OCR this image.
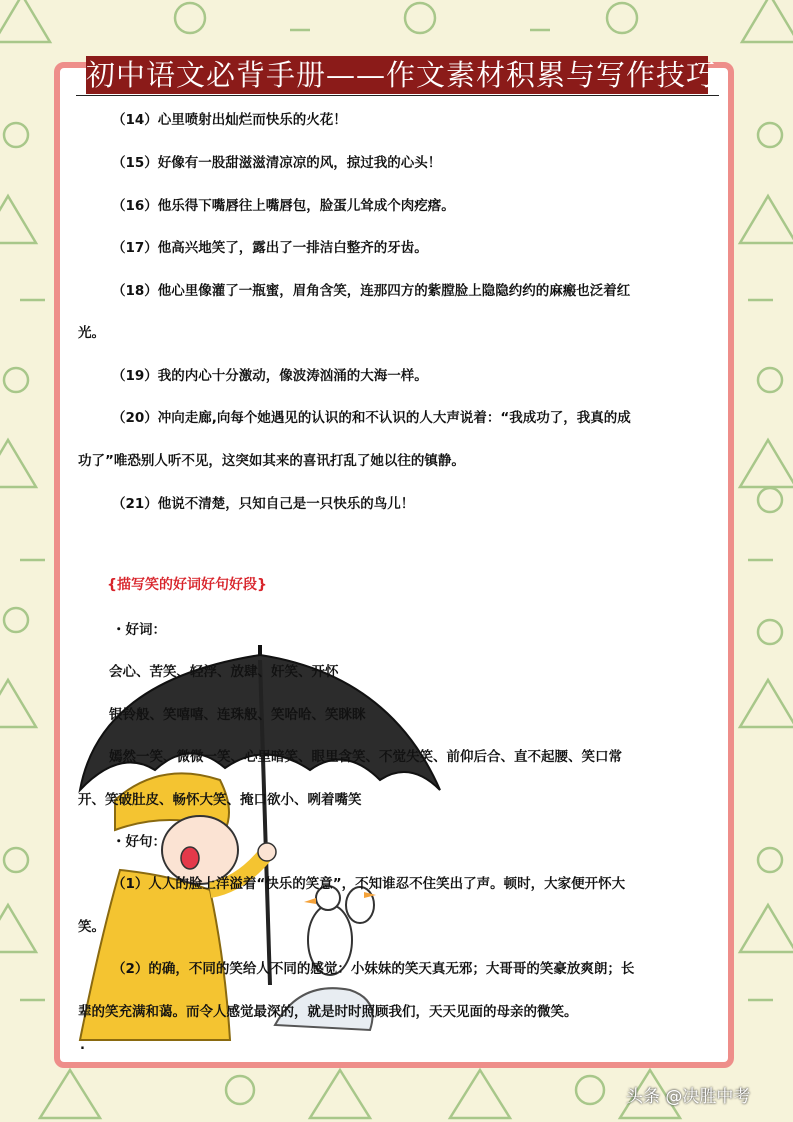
初中语文必背手册——作文素材积累与写作技巧
（14）心里喷射出灿烂而快乐的火花！
（15）好像有一股甜滋滋清凉凉的风，掠过我的心头！
（16）他乐得下嘴唇往上嘴唇包，脸蛋儿耸成个肉疙瘩。
（17）他高兴地笑了，露出了一排洁白整齐的牙齿。
（18）他心里像灌了一瓶蜜，眉角含笑，连那四方的紫膛脸上隐隐约约的麻瘢也泛着红
光。
（19）我的内心十分激动，像波涛汹涌的大海一样。
（20）冲向走廊,向每个她遇见的认识的和不认识的人大声说着：“我成功了，我真的成
功了”唯恐别人听不见，这突如其来的喜讯打乱了她以往的镇静。
（21）他说不清楚，只知自己是一只快乐的鸟儿！
{描写笑的好词好句好段}
・好词：
会心、苦笑、轻浮、放肆、奸笑、开怀
银铃般、笑嘻嘻、连珠般、笑哈哈、笑眯眯
嫣然一笑、微微一笑、心里暗笑、眼里含笑、不觉失笑、前仰后合、直不起腰、笑口常
开、笑破肚皮、畅怀大笑、掩口欲小、咧着嘴笑
・好句：
（1）人人的脸上洋溢着“快乐的笑意”，不知谁忍不住笑出了声。顿时，大家便开怀大
笑。
（2）的确，不同的笑给人不同的感觉：小妹妹的笑天真无邪；大哥哥的笑豪放爽朗；长
辈的笑充满和蔼。而令人感觉最深的，就是时时照顾我们，天天见面的母亲的微笑。
.
头条 @决胜中考
